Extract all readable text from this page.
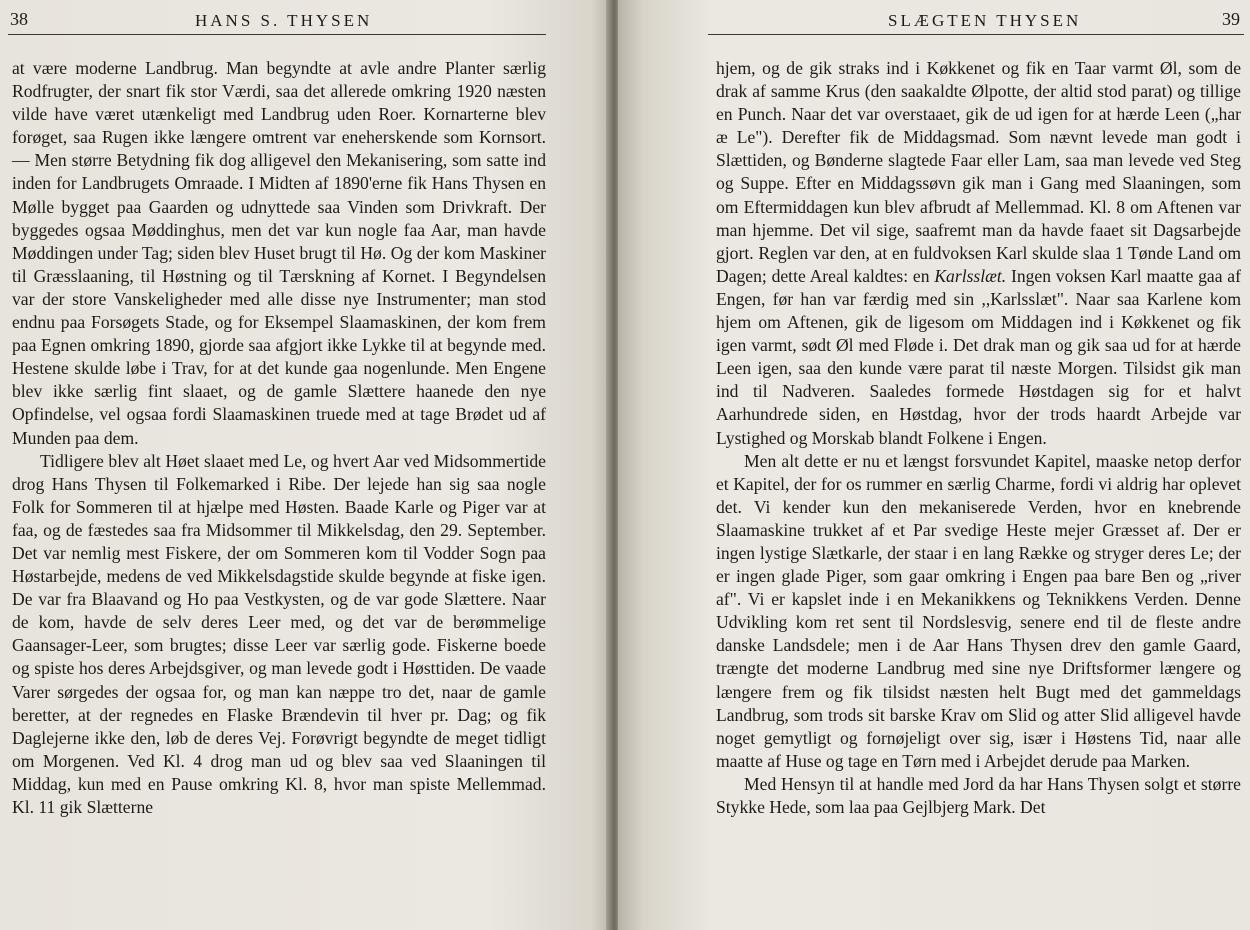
38	HANS S. THYSEN

at være moderne Landbrug. Man begyndte at avle andre Planter særlig Rodfrugter, der snart fik stor Værdi, saa det allerede omkring 1920 næsten vilde have været utænkeligt med Landbrug uden Roer. Kornarterne blev forøget, saa Rugen ikke længere omtrent var eneherskende som Kornsort. — Men større Betydning fik dog alligevel den Mekanisering, som satte ind inden for Landbrugets Omraade. I Midten af 1890'erne fik Hans Thysen en Mølle bygget paa Gaarden og udnyttede saa Vinden som Drivkraft. Der byggedes ogsaa Møddinghus, men det var kun nogle faa Aar, man havde Møddingen under Tag; siden blev Huset brugt til Hø. Og der kom Maskiner til Græsslaaning, til Høstning og til Tærskning af Kornet. I Begyndelsen var der store Vanskeligheder med alle disse nye Instrumenter; man stod endnu paa Forsøgets Stade, og for Eksempel Slaamaskinen, der kom frem paa Egnen omkring 1890, gjorde saa afgjort ikke Lykke til at begynde med. Hestene skulde løbe i Trav, for at det kunde gaa nogenlunde. Men Engene blev ikke særlig fint slaaet, og de gamle Slættere haanede den nye Opfindelse, vel ogsaa fordi Slaamaskinen truede med at tage Brødet ud af Munden paa dem.

Tidligere blev alt Høet slaaet med Le, og hvert Aar ved Midsommertide drog Hans Thysen til Folkemarked i Ribe. Der lejede han sig saa nogle Folk for Sommeren til at hjælpe med Høsten. Baade Karle og Piger var at faa, og de fæstedes saa fra Midsommer til Mikkelsdag, den 29. September. Det var nemlig mest Fiskere, der om Sommeren kom til Vodder Sogn paa Høstarbejde, medens de ved Mikkelsdagstide skulde begynde at fiske igen. De var fra Blaavand og Ho paa Vestkysten, og de var gode Slættere. Naar de kom, havde de selv deres Leer med, og det var de berømmelige Gaansager-Leer, som brugtes; disse Leer var særlig gode. Fiskerne boede og spiste hos deres Arbejdsgiver, og man levede godt i Høsttiden. De vaade Varer sørgedes der ogsaa for, og man kan næppe tro det, naar de gamle beretter, at der regnedes en Flaske Brændevin til hver pr. Dag; og fik Daglejerne ikke den, løb de deres Vej. Forøvrigt begyndte de meget tidligt om Morgenen. Ved Kl. 4 drog man ud og blev saa ved Slaaningen til Middag, kun med en Pause omkring Kl. 8, hvor man spiste Mellemmad. Kl. 11 gik Slætterne

SLÆGTEN THYSEN	39

hjem, og de gik straks ind i Køkkenet og fik en Taar varmt Øl, som de drak af samme Krus (den saakaldte Ølpotte, der altid stod parat) og tillige en Punch. Naar det var overstaaet, gik de ud igen for at hærde Leen („har æ Le"). Derefter fik de Middagsmad. Som nævnt levede man godt i Slættiden, og Bønderne slagtede Faar eller Lam, saa man levede ved Steg og Suppe. Efter en Middagssøvn gik man i Gang med Slaaningen, som om Eftermiddagen kun blev afbrudt af Mellemmad. Kl. 8 om Aftenen var man hjemme. Det vil sige, saafremt man da havde faaet sit Dagsarbejde gjort. Reglen var den, at en fuldvoksen Karl skulde slaa 1 Tønde Land om Dagen; dette Areal kaldtes: en Karlsslæt. Ingen voksen Karl maatte gaa af Engen, før han var færdig med sin ,,Karlsslæt". Naar saa Karlene kom hjem om Aftenen, gik de ligesom om Middagen ind i Køkkenet og fik igen varmt, sødt Øl med Fløde i. Det drak man og gik saa ud for at hærde Leen igen, saa den kunde være parat til næste Morgen. Tilsidst gik man ind til Nadveren. Saaledes formede Høstdagen sig for et halvt Aarhundrede siden, en Høstdag, hvor der trods haardt Arbejde var Lystighed og Morskab blandt Folkene i Engen.

Men alt dette er nu et længst forsvundet Kapitel, maaske netop derfor et Kapitel, der for os rummer en særlig Charme, fordi vi aldrig har oplevet det. Vi kender kun den mekaniserede Verden, hvor en knebrende Slaamaskine trukket af et Par svedige Heste mejer Græsset af. Der er ingen lystige Slætkarle, der staar i en lang Række og stryger deres Le; der er ingen glade Piger, som gaar omkring i Engen paa bare Ben og „river af". Vi er kapslet inde i en Mekanikkens og Teknikkens Verden. Denne Udvikling kom ret sent til Nordslesvig, senere end til de fleste andre danske Landsdele; men i de Aar Hans Thysen drev den gamle Gaard, trængte det moderne Landbrug med sine nye Driftsformer længere og længere frem og fik tilsidst næsten helt Bugt med det gammeldags Landbrug, som trods sit barske Krav om Slid og atter Slid alligevel havde noget gemytligt og fornøjeligt over sig, især i Høstens Tid, naar alle maatte af Huse og tage en Tørn med i Arbejdet derude paa Marken.

Med Hensyn til at handle med Jord da har Hans Thysen solgt et større Stykke Hede, som laa paa Gejlbjerg Mark. Det
